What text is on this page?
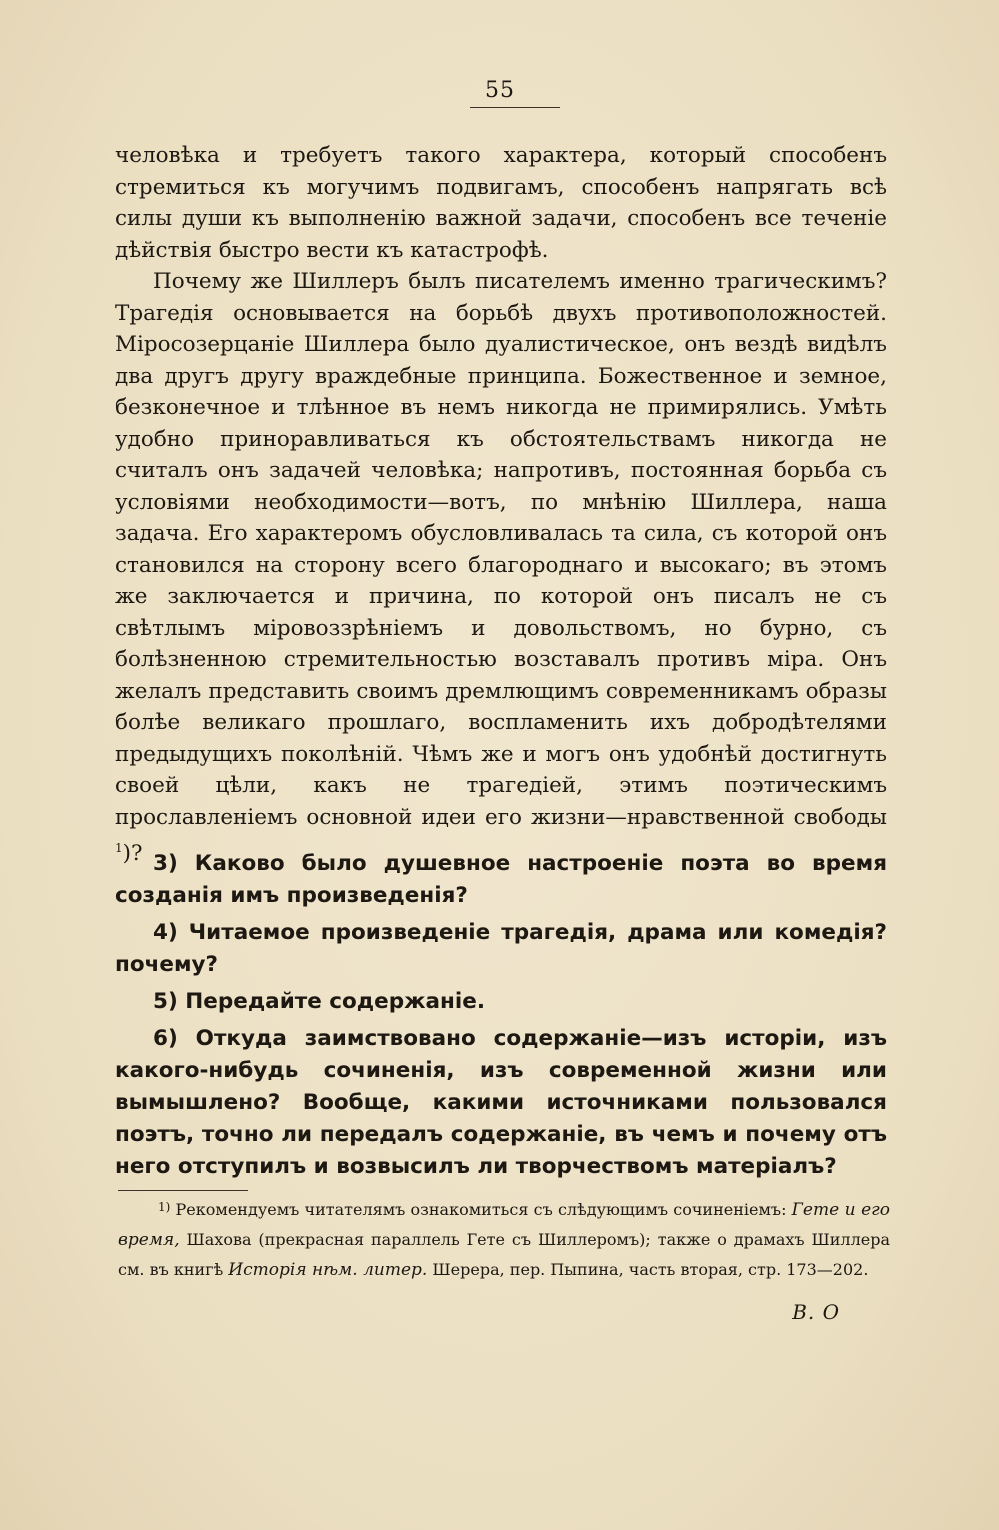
55

человѣка и требуетъ такого характера, который способенъ стремиться къ могучимъ подвигамъ, способенъ напрягать всѣ силы души къ выполненію важной задачи, способенъ все теченіе дѣйствія быстро вести къ катастрофѣ.

Почему же Шиллеръ былъ писателемъ именно трагическимъ? Трагедія основывается на борьбѣ двухъ противоположностей. Міросозерцаніе Шиллера было дуалистическое, онъ вездѣ видѣлъ два другъ другу враждебные принципа. Божественное и земное, безконечное и тлѣнное въ немъ никогда не примирялись. Умѣть удобно приноравливаться къ обстоятельствамъ никогда не считалъ онъ задачей человѣка; напротивъ, постоянная борьба съ условіями необходимости—вотъ, по мнѣнію Шиллера, наша задача. Его характеромъ обусловливалась та сила, съ которой онъ становился на сторону всего благороднаго и высокаго; въ этомъ же заключается и причина, по которой онъ писалъ не съ свѣтлымъ міровоззрѣніемъ и довольствомъ, но бурно, съ болѣзненною стремительностью возставалъ противъ міра. Онъ желалъ представить своимъ дремлющимъ современникамъ образы болѣе великаго прошлаго, воспламенить ихъ добродѣтелями предыдущихъ поколѣній. Чѣмъ же и могъ онъ удобнѣй достигнуть своей цѣли, какъ не трагедіей, этимъ поэтическимъ прославленіемъ основной идеи его жизни—нравственной свободы $^1$)? 3) Каково было душевное настроеніе поэта во время созданія имъ произведенія?

4) Читаемое произведеніе трагедія, драма или комедія? почему?

5) Передайте содержаніе.

6) Откуда заимствовано содержаніе—изъ исторіи, изъ какого-нибудь сочиненія, изъ современной жизни или вымышлено? Вообще, какими источниками пользовался поэтъ, точно ли передалъ содержаніе, въ чемъ и почему отъ него отступилъ и возвысилъ ли творчествомъ матеріалъ?

$^{1)}$ Рекомендуемъ читателямъ ознакомиться съ слѣдующимъ сочиненіемъ: Гете и его время, Шахова (прекрасная параллель Гете съ Шиллеромъ); также о драмахъ Шиллера см. въ книгѣ Исторія нѣм. литер. Шерера, пер. Пыпина, часть вторая, стр. 173—202.
В. О
